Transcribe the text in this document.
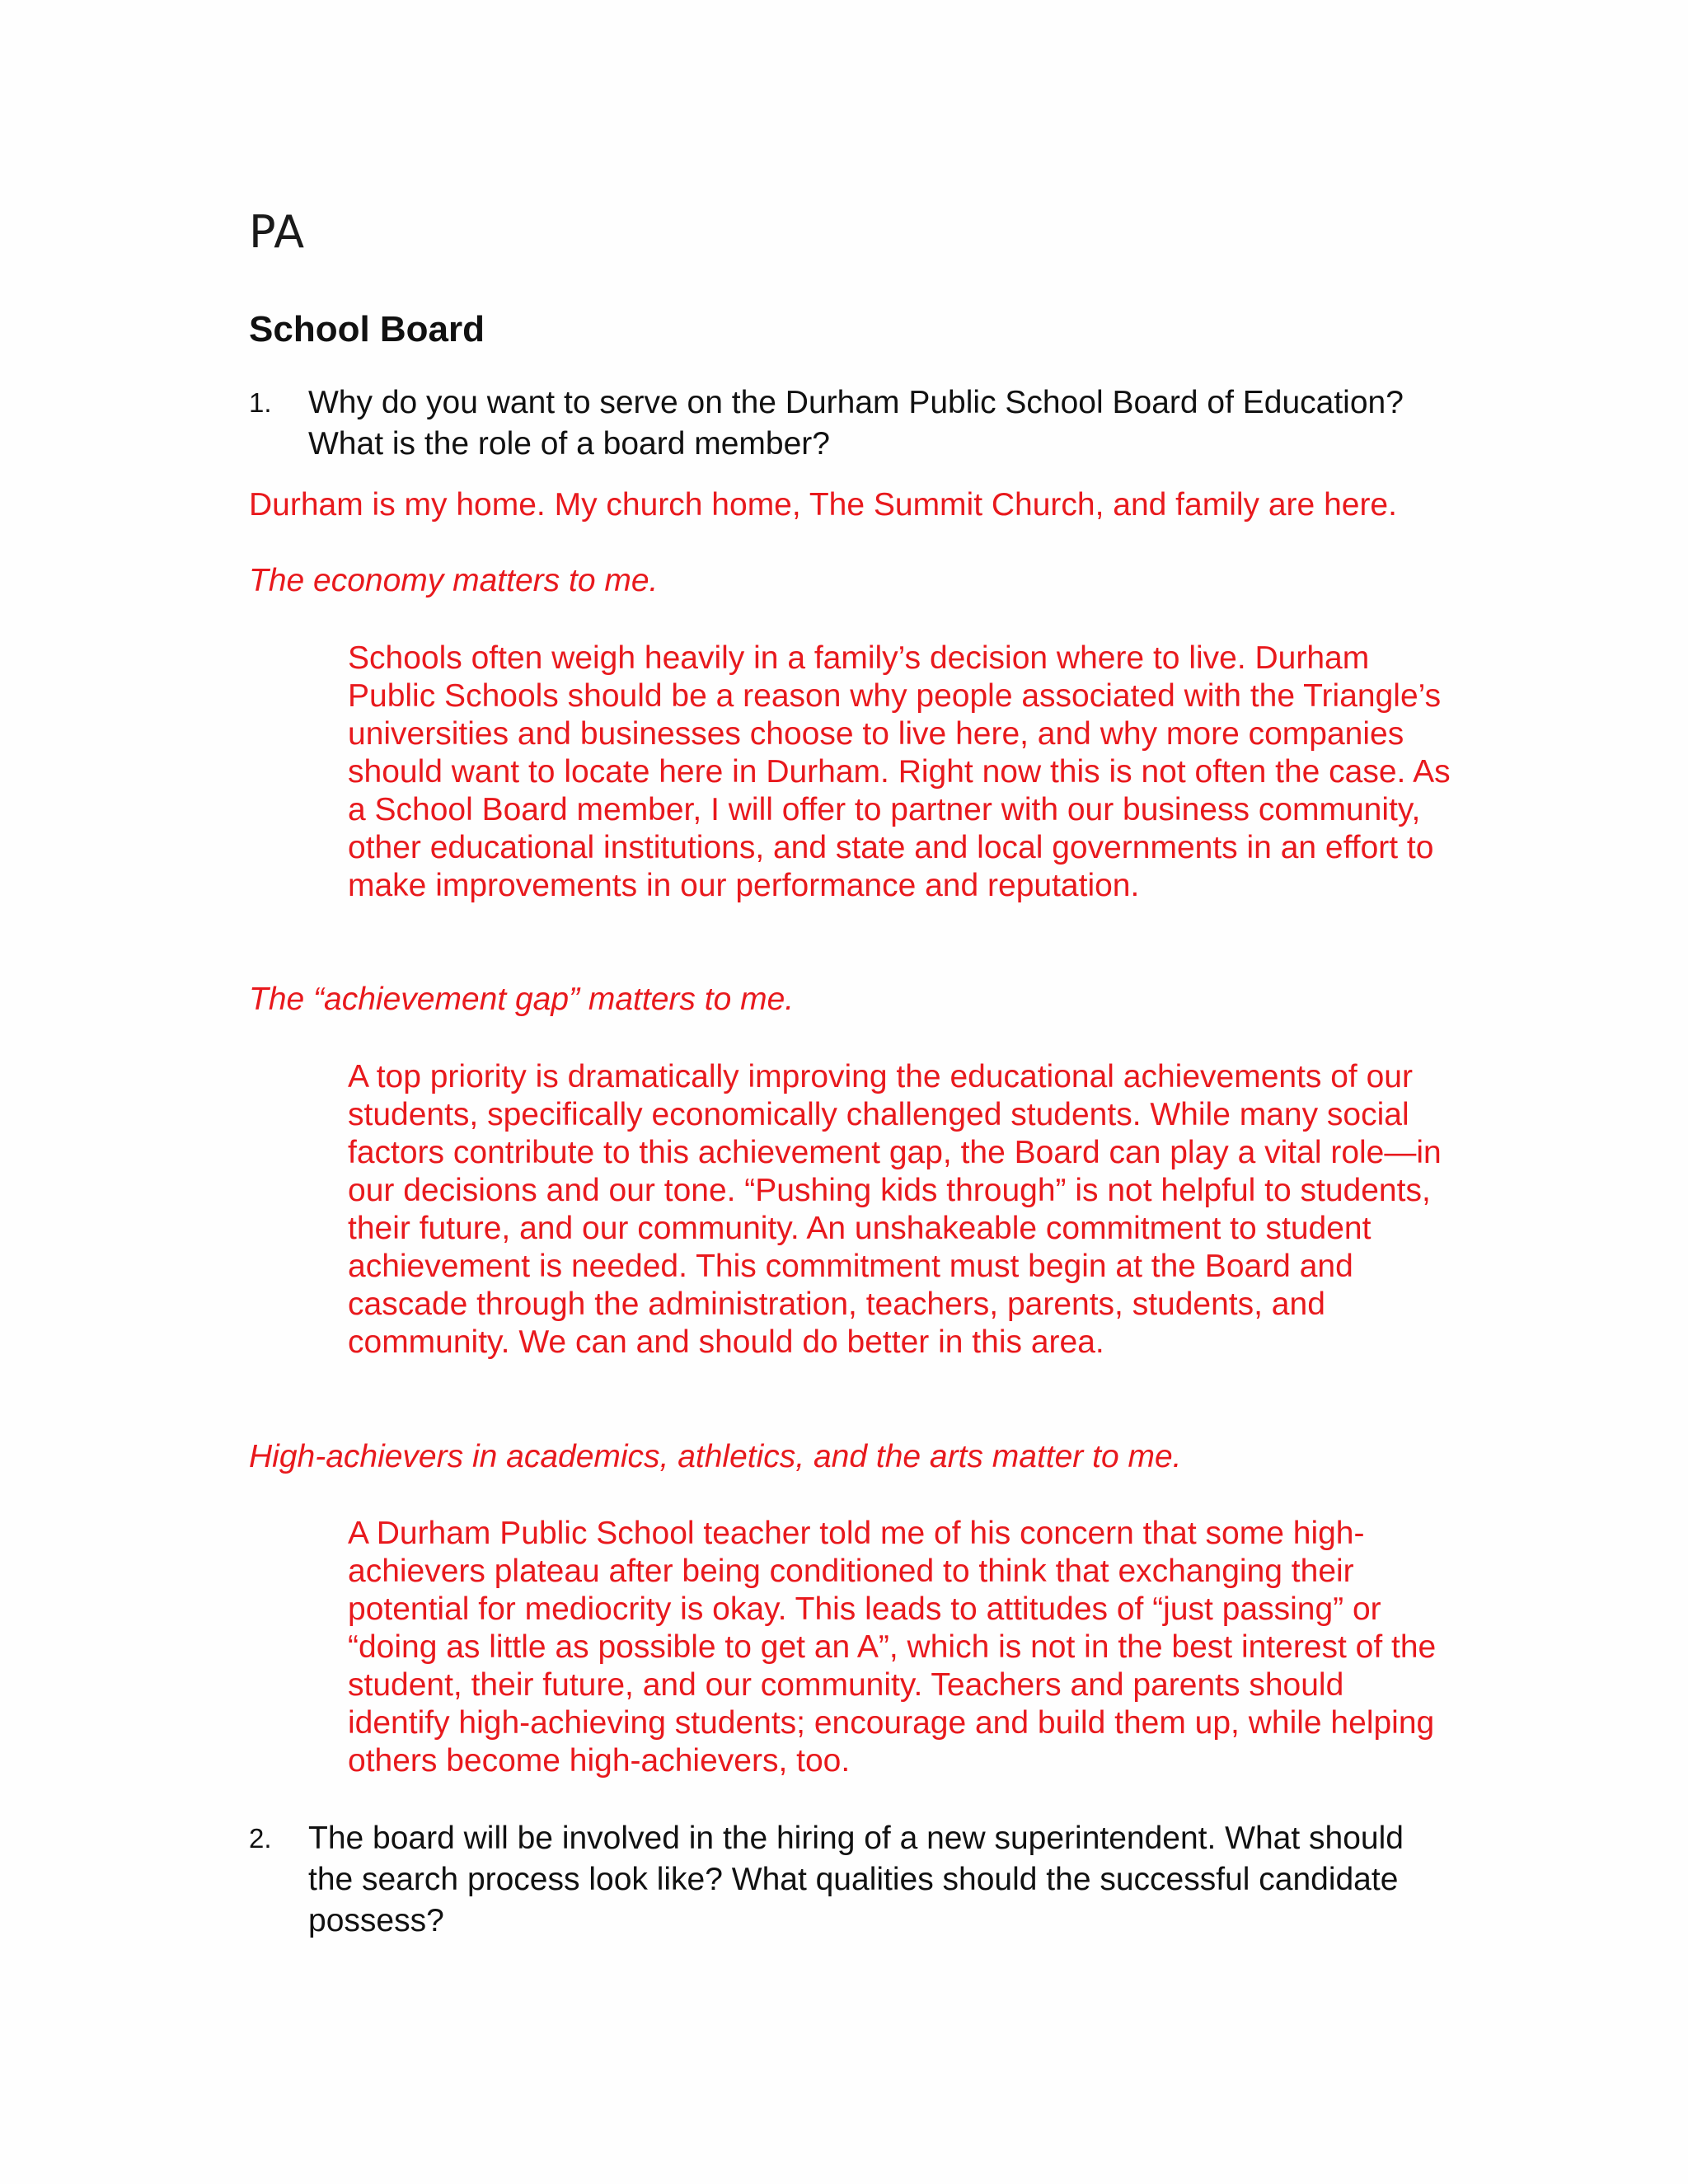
PA
School Board
1. Why do you want to serve on the Durham Public School Board of Education? What is the role of a board member?
Durham is my home. My church home, The Summit Church, and family are here.
The economy matters to me.
Schools often weigh heavily in a family’s decision where to live. Durham Public Schools should be a reason why people associated with the Triangle’s universities and businesses choose to live here, and why more companies should want to locate here in Durham. Right now this is not often the case. As a School Board member, I will offer to partner with our business community, other educational institutions, and state and local governments in an effort to make improvements in our performance and reputation.
The “achievement gap” matters to me.
A top priority is dramatically improving the educational achievements of our students, specifically economically challenged students. While many social factors contribute to this achievement gap, the Board can play a vital role—in our decisions and our tone. “Pushing kids through” is not helpful to students, their future, and our community. An unshakeable commitment to student achievement is needed. This commitment must begin at the Board and cascade through the administration, teachers, parents, students, and community. We can and should do better in this area.
High-achievers in academics, athletics, and the arts matter to me.
A Durham Public School teacher told me of his concern that some high-achievers plateau after being conditioned to think that exchanging their potential for mediocrity is okay. This leads to attitudes of “just passing” or “doing as little as possible to get an A”, which is not in the best interest of the student, their future, and our community. Teachers and parents should identify high-achieving students; encourage and build them up, while helping others become high-achievers, too.
2. The board will be involved in the hiring of a new superintendent. What should the search process look like? What qualities should the successful candidate possess?
